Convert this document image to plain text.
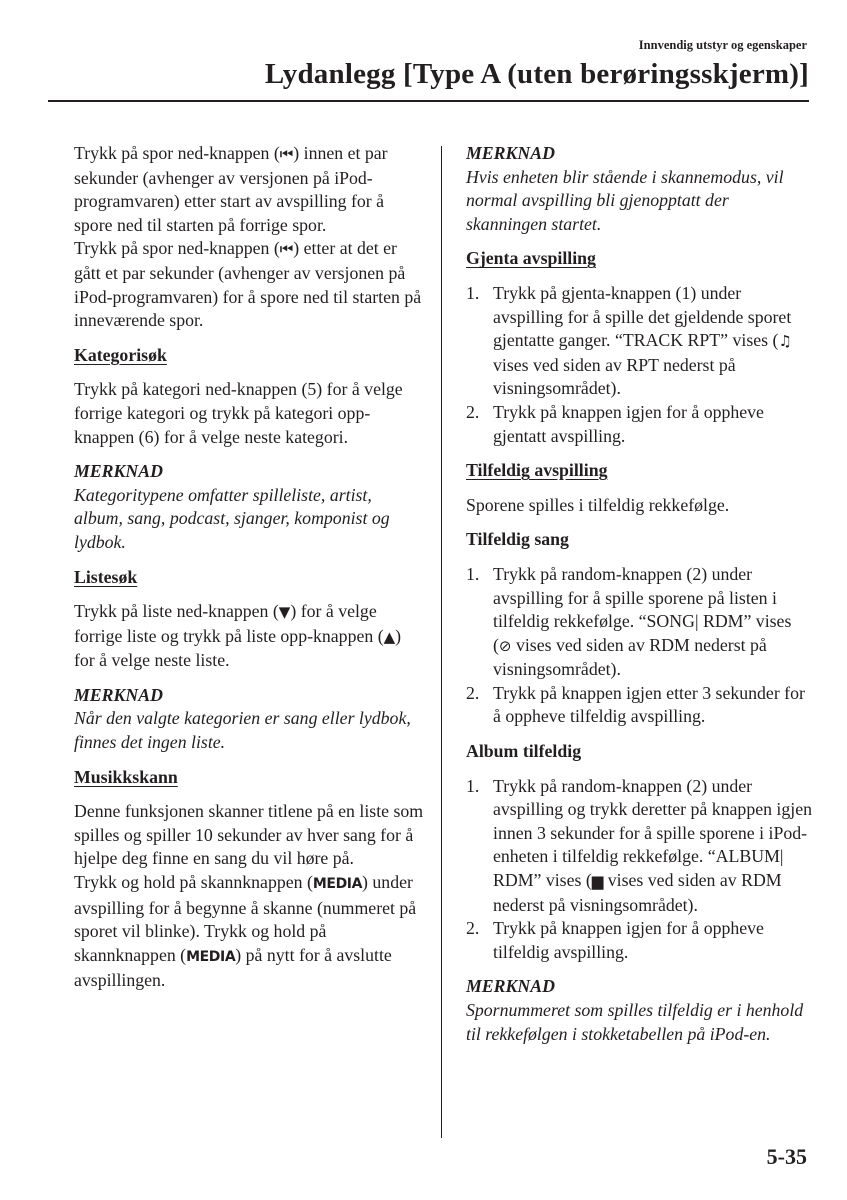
Innvendig utstyr og egenskaper
Lydanlegg [Type A (uten berøringsskjerm)]

Trykk på spor ned-knappen (⏮) innen et par sekunder (avhenger av versjonen på iPod-programvaren) etter start av avspilling for å spore ned til starten på forrige spor.

Trykk på spor ned-knappen (⏮) etter at det er gått et par sekunder (avhenger av versjonen på iPod-programvaren) for å spore ned til starten på inneværende spor.

Kategorisøk

Trykk på kategori ned-knappen (5) for å velge forrige kategori og trykk på kategori opp-knappen (6) for å velge neste kategori.

MERKNAD

Kategoritypene omfatter spilleliste, artist, album, sang, podcast, sjanger, komponist og lydbok.

Listesøk

Trykk på liste ned-knappen (▼) for å velge forrige liste og trykk på liste opp-knappen (▲) for å velge neste liste.

MERKNAD

Når den valgte kategorien er sang eller lydbok, finnes det ingen liste.

Musikkskann

Denne funksjonen skanner titlene på en liste som spilles og spiller 10 sekunder av hver sang for å hjelpe deg finne en sang du vil høre på.

Trykk og hold på skannknappen (MEDIA) under avspilling for å begynne å skanne (nummeret på sporet vil blinke). Trykk og hold på skannknappen (MEDIA) på nytt for å avslutte avspillingen.

MERKNAD

Hvis enheten blir stående i skannemodus, vil normal avspilling bli gjenopptatt der skanningen startet.

Gjenta avspilling

1. Trykk på gjenta-knappen (1) under avspilling for å spille det gjeldende sporet gjentatte ganger. “TRACK RPT” vises (♫ vises ved siden av RPT nederst på visningsområdet).
2. Trykk på knappen igjen for å oppheve gjentatt avspilling.

Tilfeldig avspilling

Sporene spilles i tilfeldig rekkefølge.

Tilfeldig sang

1. Trykk på random-knappen (2) under avspilling for å spille sporene på listen i tilfeldig rekkefølge. “SONG| RDM” vises (⊘ vises ved siden av RDM nederst på visningsområdet).
2. Trykk på knappen igjen etter 3 sekunder for å oppheve tilfeldig avspilling.

Album tilfeldig

1. Trykk på random-knappen (2) under avspilling og trykk deretter på knappen igjen innen 3 sekunder for å spille sporene i iPod-enheten i tilfeldig rekkefølge. “ALBUM| RDM” vises (▆ vises ved siden av RDM nederst på visningsområdet).
2. Trykk på knappen igjen for å oppheve tilfeldig avspilling.

MERKNAD

Spornummeret som spilles tilfeldig er i henhold til rekkefølgen i stokketabellen på iPod-en.

5-35
